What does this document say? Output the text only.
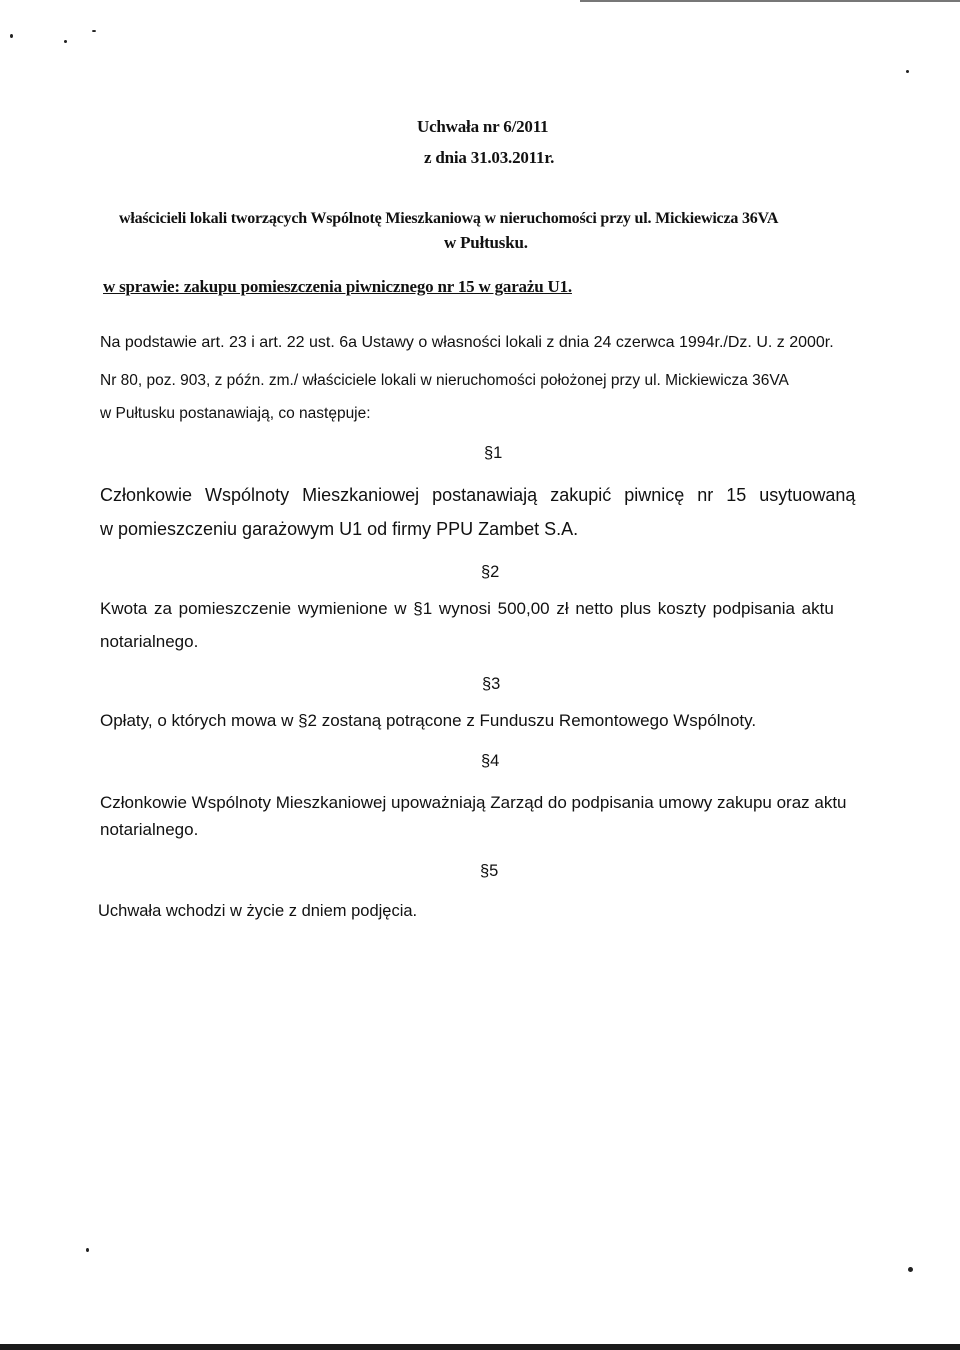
Uchwała nr 6/2011
z dnia 31.03.2011r.
właścicieli lokali tworzących Wspólnotę Mieszkaniową w nieruchomości przy ul. Mickiewicza 36VA
w Pułtusku.
w sprawie: zakupu pomieszczenia piwnicznego nr 15 w garażu U1.
Na podstawie art. 23 i art. 22 ust. 6a Ustawy o własności lokali z dnia 24 czerwca 1994r./Dz. U. z 2000r.
Nr 80, poz. 903, z późn. zm./ właściciele lokali w nieruchomości położonej przy ul. Mickiewicza 36VA
w Pułtusku postanawiają, co następuje:
§1
Członkowie Wspólnoty Mieszkaniowej postanawiają zakupić piwnicę nr 15 usytuowaną
w pomieszczeniu garażowym U1 od firmy PPU Zambet S.A.
§2
Kwota za pomieszczenie wymienione w §1 wynosi 500,00 zł netto plus koszty podpisania aktu
notarialnego.
§3
Opłaty, o których mowa w §2 zostaną potrącone z Funduszu Remontowego Wspólnoty.
§4
Członkowie Wspólnoty Mieszkaniowej upoważniają Zarząd do podpisania umowy zakupu oraz aktu
notarialnego.
§5
Uchwała wchodzi w życie z dniem podjęcia.
